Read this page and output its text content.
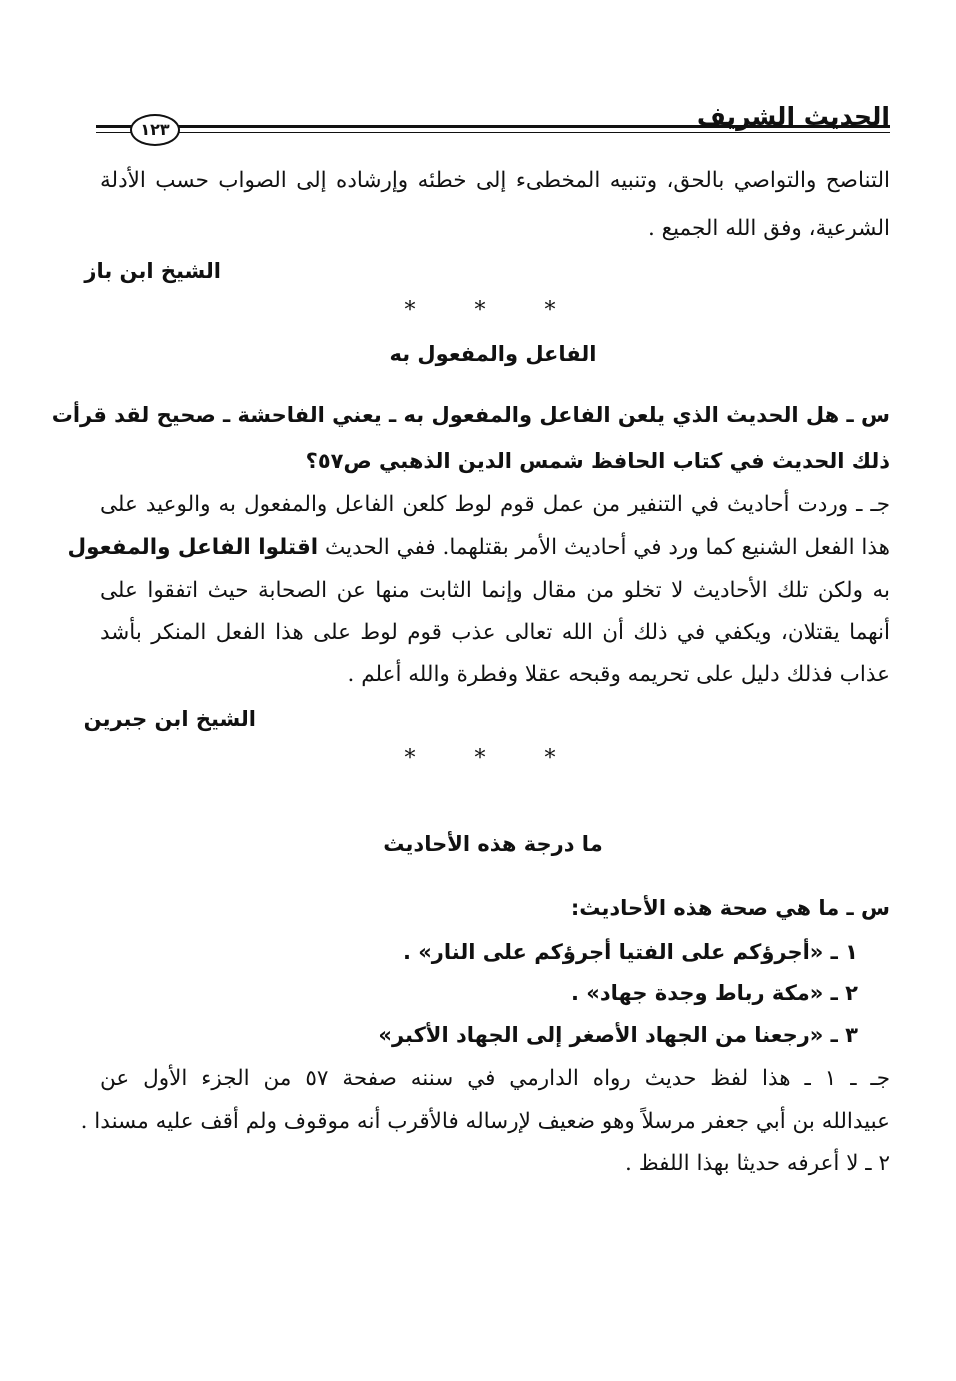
الحديث الشريف
١٢٣
التناصح والتواصي بالحق، وتنبيه المخطىء إلى خطئه وإرشاده إلى الصواب حسب الأدلة
الشرعية، وفق الله الجميع .
الشيخ ابن باز
* * *
الفاعل والمفعول به
س ـ هل الحديث الذي يلعن الفاعل والمفعول به ـ يعني الفاحشة ـ صحيح لقد قرأت
ذلك الحديث في كتاب الحافظ شمس الدين الذهبي ص٥٧؟
جـ ـ وردت أحاديث في التنفير من عمل قوم لوط كلعن الفاعل والمفعول به والوعيد على
هذا الفعل الشنيع كما ورد في أحاديث الأمر بقتلهما. ففي الحديث اقتلوا الفاعل والمفعول
به ولكن تلك الأحاديث لا تخلو من مقال وإنما الثابت منها عن الصحابة حيث اتفقوا على
أنهما يقتلان، ويكفي في ذلك أن الله تعالى عذب قوم لوط على هذا الفعل المنكر بأشد
عذاب فذلك دليل على تحريمه وقبحه عقلا وفطرة والله أعلم .
الشيخ ابن جبرين
* * *
ما درجة هذه الأحاديث
س ـ ما هي صحة هذه الأحاديث:
١ ـ «أجرؤكم على الفتيا أجرؤكم على النار» .
٢ ـ «مكة رباط وجدة جهاد» .
٣ ـ «رجعنا من الجهاد الأصغر إلى الجهاد الأكبر»
جـ ـ ١ ـ هذا لفظ حديث رواه الدارمي في سننه صفحة ٥٧ من الجزء الأول عن
عبيدالله بن أبي جعفر مرسلاً وهو ضعيف لإرساله فالأقرب أنه موقوف ولم أقف عليه مسندا .
٢ ـ لا أعرفه حديثا بهذا اللفظ .
